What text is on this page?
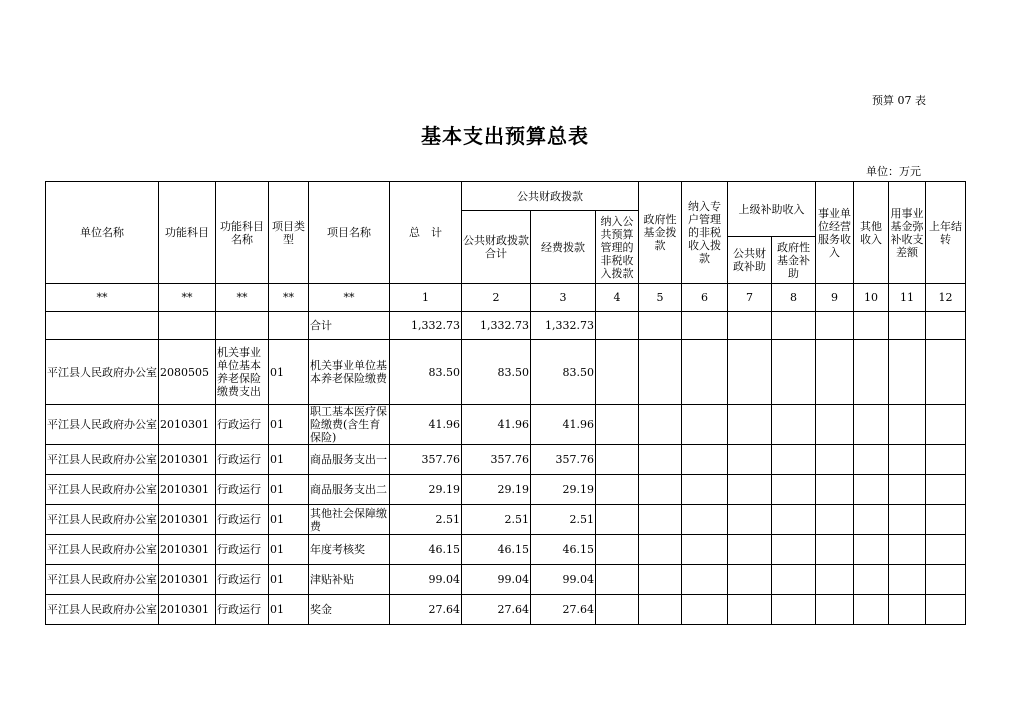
预算 07 表
基本支出预算总表
单位：万元
单位名称	功能科目	功能科目名称	项目类型	项目名称	总　计	公共财政拨款			政府性基金拨款	纳入专户管理的非税收入拨款	上级补助收入		事业单位经营服务收入	其他收入	用事业基金弥补收支差额	上年结转
						公共财政拨款合计	经费拨款	纳入公共预算管理的非税收入拨款								
											公共财政补助	政府性基金补助				
**	**	**	**	**	1	2	3	4	5	6	7	8	9	10	11	12
				合计	1,332.73	1,332.73	1,332.73									
平江县人民政府办公室	2080505	机关事业单位基本养老保险缴费支出	01	机关事业单位基本养老保险缴费	83.50	83.50	83.50									
平江县人民政府办公室	2010301	行政运行	01	职工基本医疗保险缴费(含生育保险)	41.96	41.96	41.96									
平江县人民政府办公室	2010301	行政运行	01	商品服务支出一	357.76	357.76	357.76									
平江县人民政府办公室	2010301	行政运行	01	商品服务支出二	29.19	29.19	29.19									
平江县人民政府办公室	2010301	行政运行	01	其他社会保障缴费	2.51	2.51	2.51									
平江县人民政府办公室	2010301	行政运行	01	年度考核奖	46.15	46.15	46.15									
平江县人民政府办公室	2010301	行政运行	01	津贴补贴	99.04	99.04	99.04									
平江县人民政府办公室	2010301	行政运行	01	奖金	27.64	27.64	27.64									
